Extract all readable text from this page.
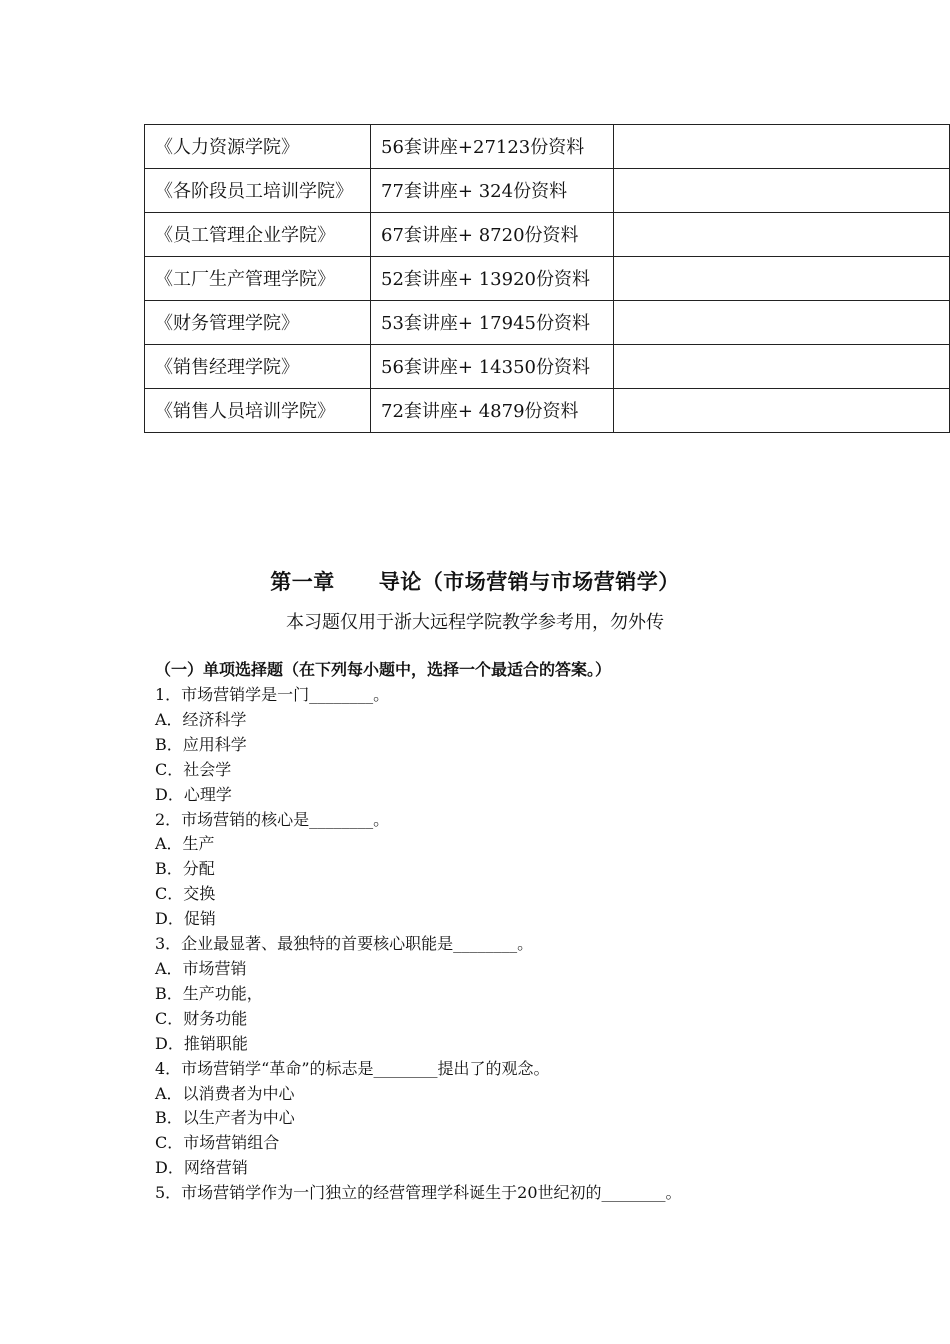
《人力资源学院》	56套讲座+27123份资料	
《各阶段员工培训学院》	77套讲座+ 324份资料	
《员工管理企业学院》	67套讲座+ 8720份资料	
《工厂生产管理学院》	52套讲座+ 13920份资料	
《财务管理学院》	53套讲座+ 17945份资料	
《销售经理学院》	56套讲座+ 14350份资料	
《销售人员培训学院》	72套讲座+ 4879份资料	
第一章 导论（市场营销与市场营销学）
本习题仅用于浙大远程学院教学参考用，勿外传
（一）单项选择题（在下列每小题中，选择一个最适合的答案。）
1．市场营销学是一门________。
A．经济科学
B．应用科学
C．社会学
D．心理学
2．市场营销的核心是________。
A．生产
B．分配
C．交换
D．促销
3．企业最显著、最独特的首要核心职能是________。
A．市场营销
B．生产功能，
C．财务功能
D．推销职能
4．市场营销学“革命”的标志是________提出了的观念。
A．以消费者为中心
B．以生产者为中心
C．市场营销组合
D．网络营销
5．市场营销学作为一门独立的经营管理学科诞生于20世纪初的________。
